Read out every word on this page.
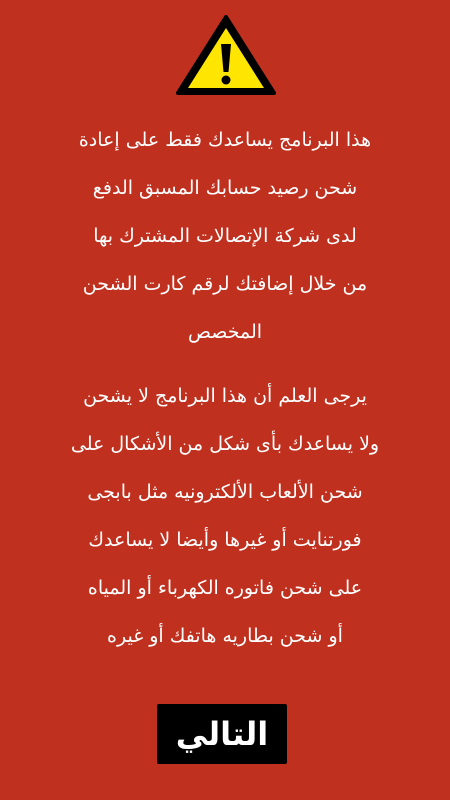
هذا البرنامج يساعدك فقط على إعادة
شحن رصيد حسابك المسبق الدفع
لدى شركة الإتصالات المشترك بها
من خلال إضافتك لرقم كارت الشحن
المخصص
يرجى العلم أن هذا البرنامج لا يشحن
ولا يساعدك بأى شكل من الأشكال على
شحن الألعاب الألكترونيه مثل بابجى
فورتنايت أو غيرها وأيضا لا يساعدك
على شحن فاتوره الكهرباء أو المياه
أو شحن بطاريه هاتفك أو غيره
التالي
